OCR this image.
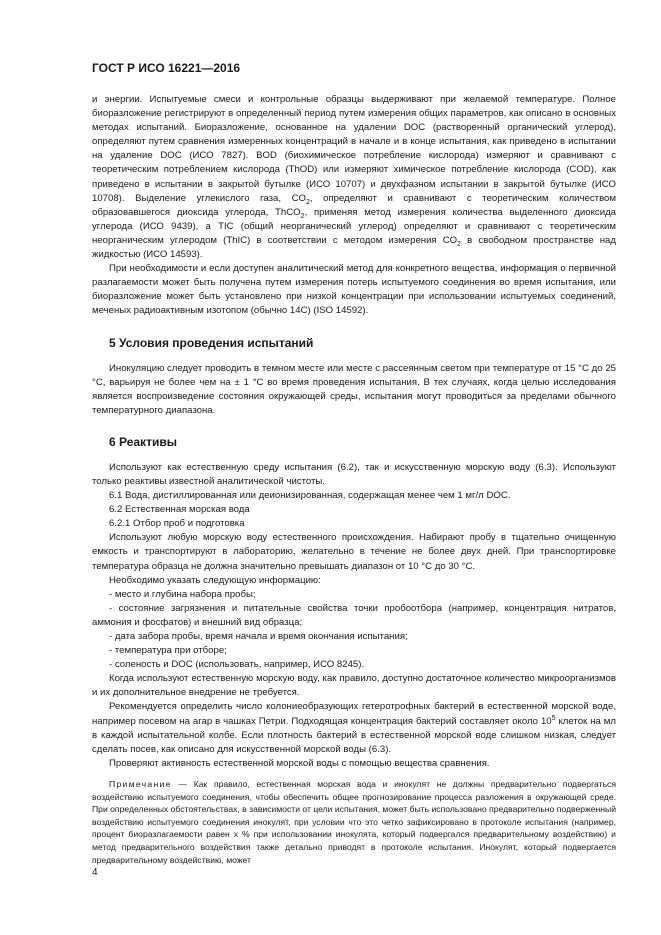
ГОСТ Р ИСО 16221—2016

и энергии. Испытуемые смеси и контрольные образцы выдерживают при желаемой температуре. Полное биоразложение регистрируют в определенный период путем измерения общих параметров, как описано в основных методах испытаний. Биоразложение, основанное на удалении DOC (растворенный органический углерод), определяют путем сравнения измеренных концентраций в начале и в конце испытания, как приведено в испытании на удаление DOC (ИСО 7827). BOD (биохимическое потребление кислорода) измеряют и сравнивают с теоретическим потреблением кислорода (ThOD) или измеряют химическое потребление кислорода (COD), как приведено в испытании в закрытой бутылке (ИСО 10707) и двухфазном испытании в закрытой бутылке (ИСО 10708). Выделение углекислого газа, $CO_2$, определяют и сравнивают с теоретическим количеством образовавшегося диоксида углерода, ThCO$_2$, применяя метод измерения количества выделенного диоксида углерода (ИСО 9439), а TIC (общий неорганический углерод) определяют и сравнивают с теоретическим неорганическим углеродом (ThIC) в соответствии с методом измерения $CO_2$ в свободном пространстве над жидкостью (ИСО 14593).

При необходимости и если доступен аналитический метод для конкретного вещества, информация о первичной разлагаемости может быть получена путем измерения потерь испытуемого соединения во время испытания, или биоразложение может быть установлено при низкой концентрации при использовании испытуемых соединений, меченых радиоактивным изотопом (обычно 14С) (ISO 14592).

5 Условия проведения испытаний

Инокуляцию следует проводить в темном месте или месте с рассеянным светом при температуре от 15 °С до 25 °С, варьируя не более чем на ± 1 °С во время проведения испытания. В тех случаях, когда целью исследования является воспроизведение состояния окружающей среды, испытания могут проводиться за пределами обычного температурного диапазона.

6 Реактивы

Используют как естественную среду испытания (6.2), так и искусственную морскую воду (6.3). Используют только реактивы известной аналитической чистоты.

6.1 Вода, дистиллированная или деионизированная, содержащая менее чем 1 мг/л DOC.

6.2 Естественная морская вода

6.2.1 Отбор проб и подготовка

Используют любую морскую воду естественного происхождения. Набирают пробу в тщательно очищенную емкость и транспортируют в лабораторию, желательно в течение не более двух дней. При транспортировке температура образца не должна значительно превышать диапазон от 10 °С до 30 °С.

Необходимо указать следующую информацию:

- место и глубина набора пробы;

- состояние загрязнения и питательные свойства точки пробоотбора (например, концентрация нитратов, аммония и фосфатов) и внешний вид образца;

- дата забора пробы, время начала и время окончания испытания;

- температура при отборе;

- соленость и DOC (использовать, например, ИСО 8245).

Когда используют естественную морскую воду, как правило, доступно достаточное количество микроорганизмов и их дополнительное внедрение не требуется.

Рекомендуется определить число колониеобразующих гетеротрофных бактерий в естественной морской воде, например посевом на агар в чашках Петри. Подходящая концентрация бактерий составляет около $10^5$ клеток на мл в каждой испытательной колбе. Если плотность бактерий в естественной морской воде слишком низкая, следует сделать посев, как описано для искусственной морской воды (6.3).

Проверяют активность естественной морской воды с помощью вещества сравнения.

Примечание — Как правило, естественная морская вода и инокулят не должны предварительно подвергаться воздействию испытуемого соединения, чтобы обеспечить общее прогнозирование процесса разложения в окружающей среде. При определенных обстоятельствах, в зависимости от цели испытания, может быть использовано предварительно подверженный воздействию испытуемого соединения инокулят, при условии что это четко зафиксировано в протоколе испытания (например, процент биоразлагаемости равен x % при использовании инокулята, который подвергался предварительному воздействию) и метод предварительного воздействия также детально приводят в протоколе испытания. Инокулят, который подвергается предварительному воздействию, может

4
